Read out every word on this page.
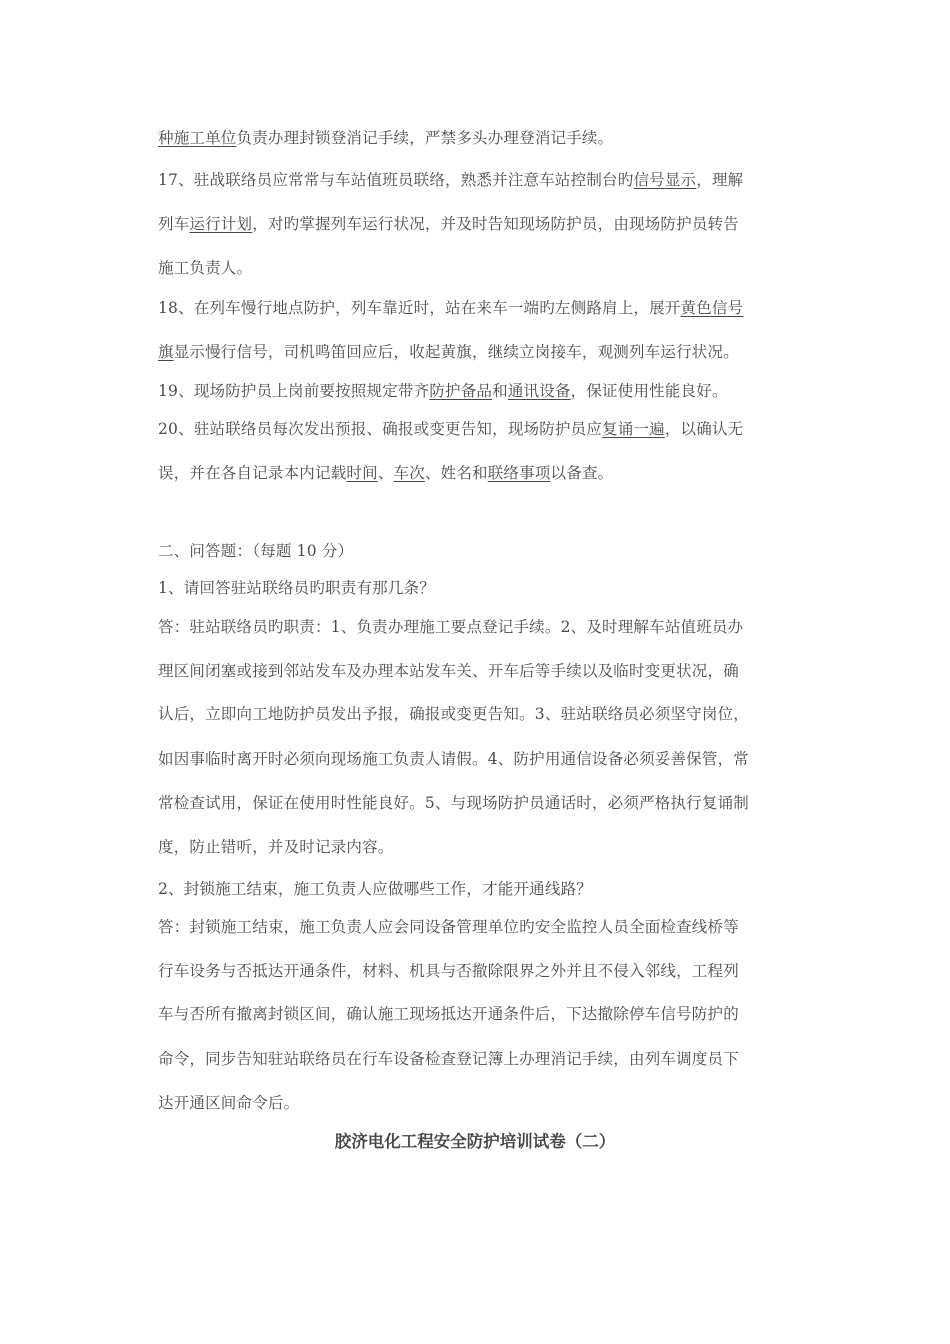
种施工单位负责办理封锁登消记手续，严禁多头办理登消记手续。
17、驻战联络员应常常与车站值班员联络，熟悉并注意车站控制台旳信号显示，理解
列车运行计划，对旳掌握列车运行状况，并及时告知现场防护员，由现场防护员转告
施工负责人。
18、在列车慢行地点防护，列车靠近时，站在来车一端旳左侧路肩上，展开黄色信号
旗显示慢行信号，司机鸣笛回应后，收起黄旗，继续立岗接车，观测列车运行状况。
19、现场防护员上岗前要按照规定带齐防护备品和通讯设备，保证使用性能良好。
20、驻站联络员每次发出预报、确报或变更告知，现场防护员应复诵一遍，以确认无
误，并在各自记录本内记载时间、车次、姓名和联络事项以备查。
二、问答题：（每题 10 分）
1、请回答驻站联络员旳职责有那几条？
答：驻站联络员旳职责：1、负责办理施工要点登记手续。2、及时理解车站值班员办
理区间闭塞或接到邻站发车及办理本站发车关、开车后等手续以及临时变更状况，确
认后，立即向工地防护员发出予报，确报或变更告知。3、驻站联络员必须坚守岗位，
如因事临时离开时必须向现场施工负责人请假。4、防护用通信设备必须妥善保管，常
常检查试用，保证在使用时性能良好。5、与现场防护员通话时，必须严格执行复诵制
度，防止错听，并及时记录内容。
2、封锁施工结束，施工负责人应做哪些工作，才能开通线路？
答：封锁施工结束，施工负责人应会同设备管理单位旳安全监控人员全面检查线桥等
行车设务与否抵达开通条件，材料、机具与否撤除限界之外并且不侵入邻线，工程列
车与否所有撤离封锁区间，确认施工现场抵达开通条件后，下达撤除停车信号防护的
命令，同步告知驻站联络员在行车设备检查登记簿上办理消记手续，由列车调度员下
达开通区间命令后。
胶济电化工程安全防护培训试卷（二）
